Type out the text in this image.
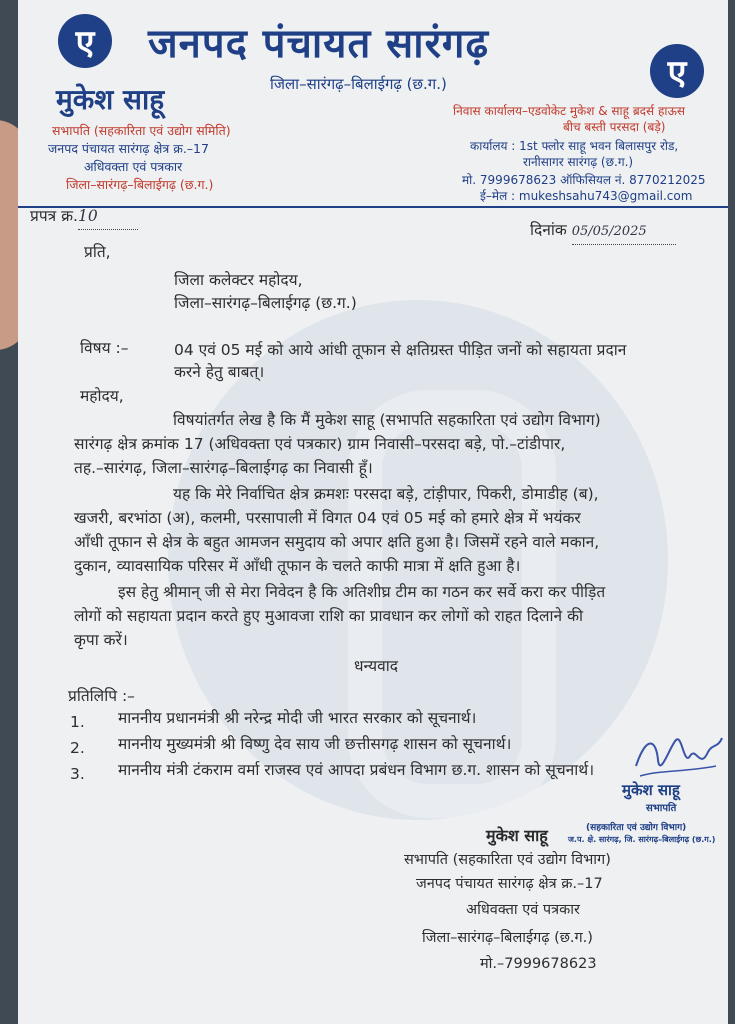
ए
ए
जनपद पंचायत सारंगढ़
जिला–सारंगढ़–बिलाईगढ़ (छ.ग.)
मुकेश साहू
सभापति (सहकारिता एवं उद्योग समिति)
जनपद पंचायत सारंगढ़ क्षेत्र क्र.–17
अधिवक्ता एवं पत्रकार
जिला–सारंगढ़–बिलाईगढ़ (छ.ग.)
निवास कार्यालय–एडवोकेट मुकेश & साहू ब्रदर्स हाऊस
बीच बस्ती परसदा (बड़े)
कार्यालय : 1st फ्लोर साहू भवन बिलासपुर रोड,
रानीसागर सारंगढ़ (छ.ग.)
मो. 7999678623 ऑफिसियल नं. 8770212025
ई–मेल : mukeshsahu743@gmail.com
प्रपत्र क्र.10
दिनांक 05/05/2025
प्रति,
जिला कलेक्टर महोदय,
जिला–सारंगढ़–बिलाईगढ़ (छ.ग.)
विषय :–	04 एवं 05 मई को आये आंधी तूफान से क्षतिग्रस्त पीड़ित जनों को सहायता प्रदान
करने हेतु बाबत्।
महोदय,
विषयांतर्गत लेख है कि मैं मुकेश साहू (सभापति सहकारिता एवं उद्योग विभाग)
सारंगढ़ क्षेत्र क्रमांक 17 (अधिवक्ता एवं पत्रकार) ग्राम निवासी–परसदा बड़े, पो.–टांडीपार,
तह.–सारंगढ़, जिला–सारंगढ़–बिलाईगढ़ का निवासी हूँ।
यह कि मेरे निर्वाचित क्षेत्र क्रमशः परसदा बड़े, टांड़ीपार, पिकरी, डोमाडीह (ब),
खजरी, बरभांठा (अ), कलमी, परसापाली में विगत 04 एवं 05 मई को हमारे क्षेत्र में भयंकर
आँधी तूफान से क्षेत्र के बहुत आमजन समुदाय को अपार क्षति हुआ है। जिसमें रहने वाले मकान,
दुकान, व्यावसायिक परिसर में आँधी तूफान के चलते काफी मात्रा में क्षति हुआ है।
इस हेतु श्रीमान् जी से मेरा निवेदन है कि अतिशीघ्र टीम का गठन कर सर्वे करा कर पीड़ित
लोगों को सहायता प्रदान करते हुए मुआवजा राशि का प्रावधान कर लोगों को राहत दिलाने की
कृपा करें।
धन्यवाद
प्रतिलिपि :–
1. माननीय प्रधानमंत्री श्री नरेन्द्र मोदी जी भारत सरकार को सूचनार्थ।
2. माननीय मुख्यमंत्री श्री विष्णु देव साय जी छत्तीसगढ़ शासन को सूचनार्थ।
3. माननीय मंत्री टंकराम वर्मा राजस्व एवं आपदा प्रबंधन विभाग छ.ग. शासन को सूचनार्थ।
मुकेश साहू
सभापति
(सहकारिता एवं उद्योग विभाग)
ज.प. क्षे. सारंगढ़, जि. सारंगढ़–बिलाईगढ़ (छ.ग.)
मुकेश साहू
सभापति (सहकारिता एवं उद्योग विभाग)
जनपद पंचायत सारंगढ़ क्षेत्र क्र.–17
अधिवक्ता एवं पत्रकार
जिला–सारंगढ़–बिलाईगढ़ (छ.ग.)
मो.–7999678623
